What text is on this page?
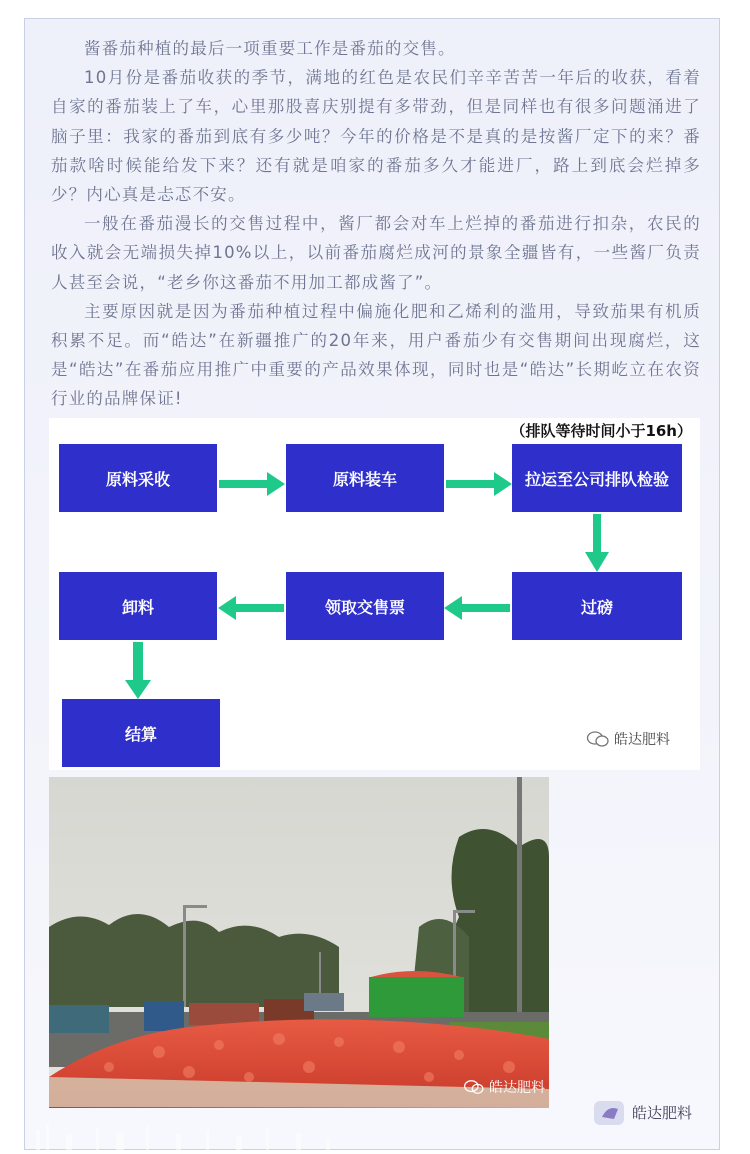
酱番茄种植的最后一项重要工作是番茄的交售。

10月份是番茄收获的季节，满地的红色是农民们辛辛苦苦一年后的收获，看着自家的番茄装上了车，心里那股喜庆别提有多带劲，但是同样也有很多问题涌进了脑子里：我家的番茄到底有多少吨？今年的价格是不是真的是按酱厂定下的来？番茄款啥时候能给发下来？还有就是咱家的番茄多久才能进厂，路上到底会烂掉多少？内心真是忐忑不安。

一般在番茄漫长的交售过程中，酱厂都会对车上烂掉的番茄进行扣杂，农民的收入就会无端损失掉10%以上，以前番茄腐烂成河的景象全疆皆有，一些酱厂负责人甚至会说，“老乡你这番茄不用加工都成酱了”。

主要原因就是因为番茄种植过程中偏施化肥和乙烯利的滥用，导致茄果有机质积累不足。而“皓达”在新疆推广的20年来，用户番茄少有交售期间出现腐烂，这是“皓达”在番茄应用推广中重要的产品效果体现，同时也是“皓达”长期屹立在农资行业的品牌保证!

（排队等待时间小于16h）
原料采收	原料装车	拉运至公司排队检验
过磅
领取交售票
卸料
结算	皓达肥料
皓达肥料
皓达肥料
